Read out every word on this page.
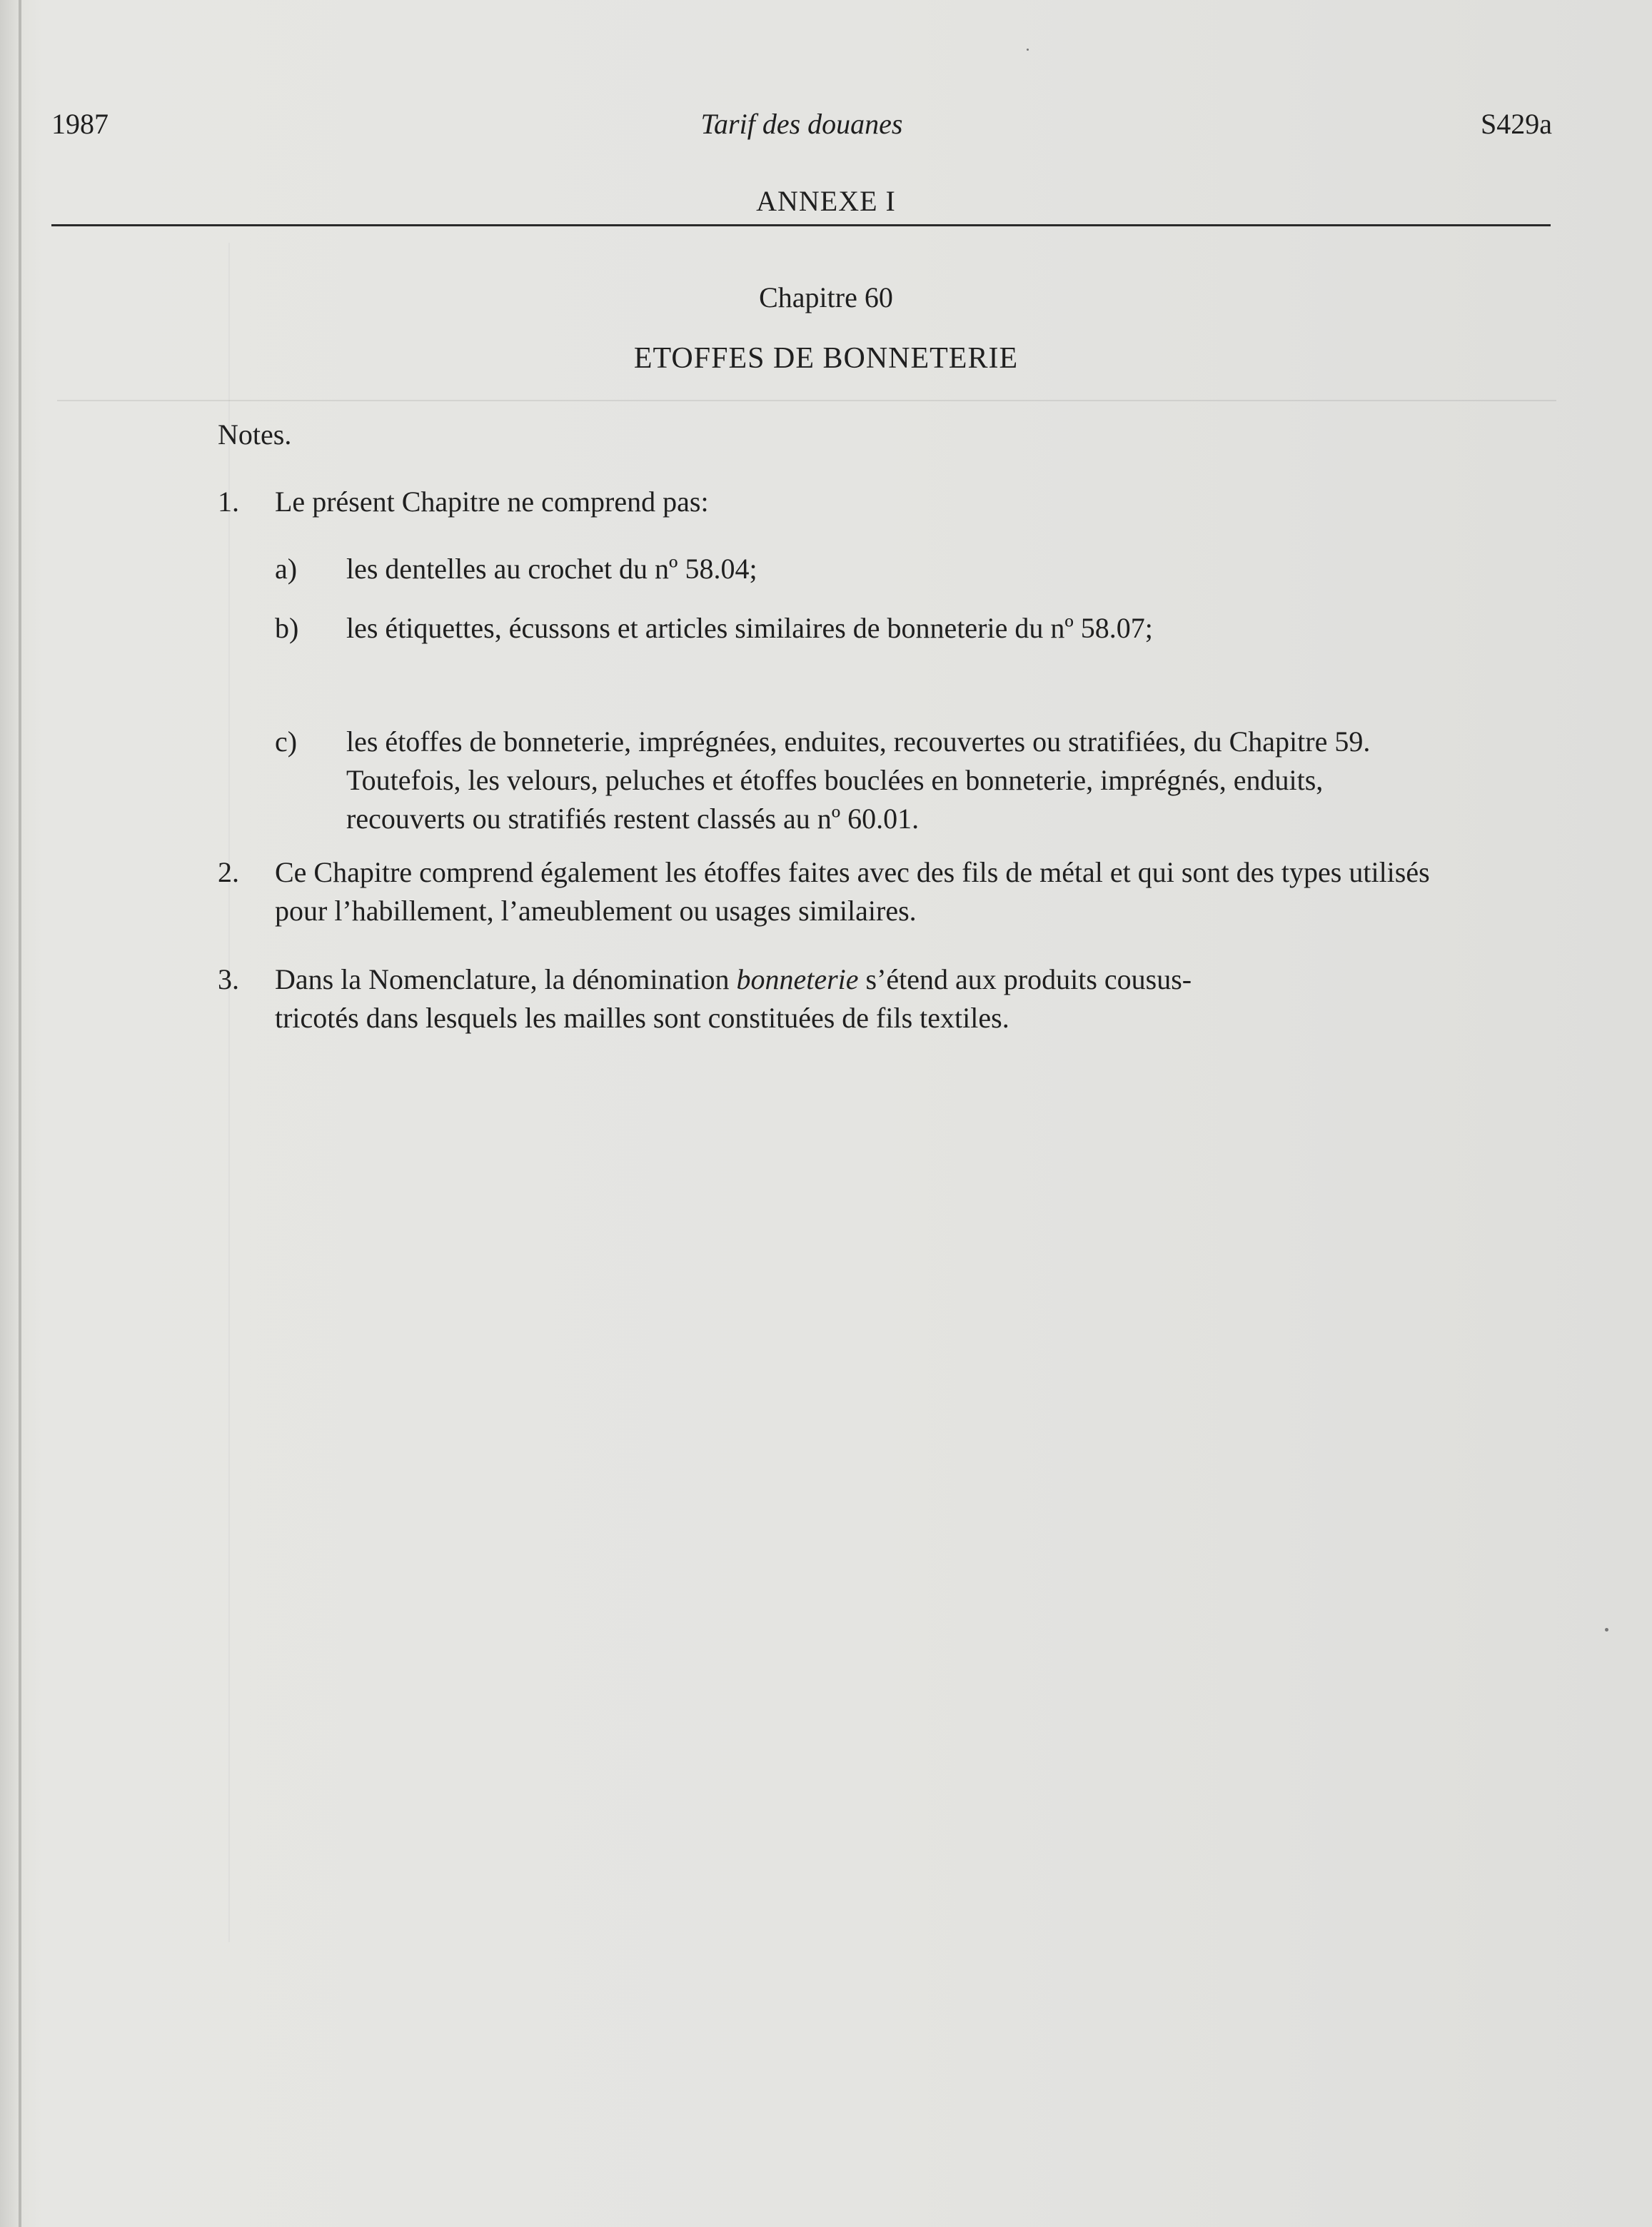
1987	Tarif des douanes	S429a
ANNEXE I
Chapitre 60
ETOFFES DE BONNETERIE
Notes.
1. Le présent Chapitre ne comprend pas:
a) les dentelles au crochet du nº 58.04;
b) les étiquettes, écussons et articles similaires de bonneterie du nº 58.07;
c) les étoffes de bonneterie, imprégnées, enduites, recouvertes ou stratifiées, du Chapitre 59. Toutefois, les velours, peluches et étoffes bouclées en bonneterie, imprégnés, enduits, recouverts ou stratifiés restent classés au nº 60.01.
2. Ce Chapitre comprend également les étoffes faites avec des fils de métal et qui sont des types utilisés pour l’habillement, l’ameublement ou usages similaires.
3. Dans la Nomenclature, la dénomination bonneterie s’étend aux produits cousus-tricotés dans lesquels les mailles sont constituées de fils textiles.
